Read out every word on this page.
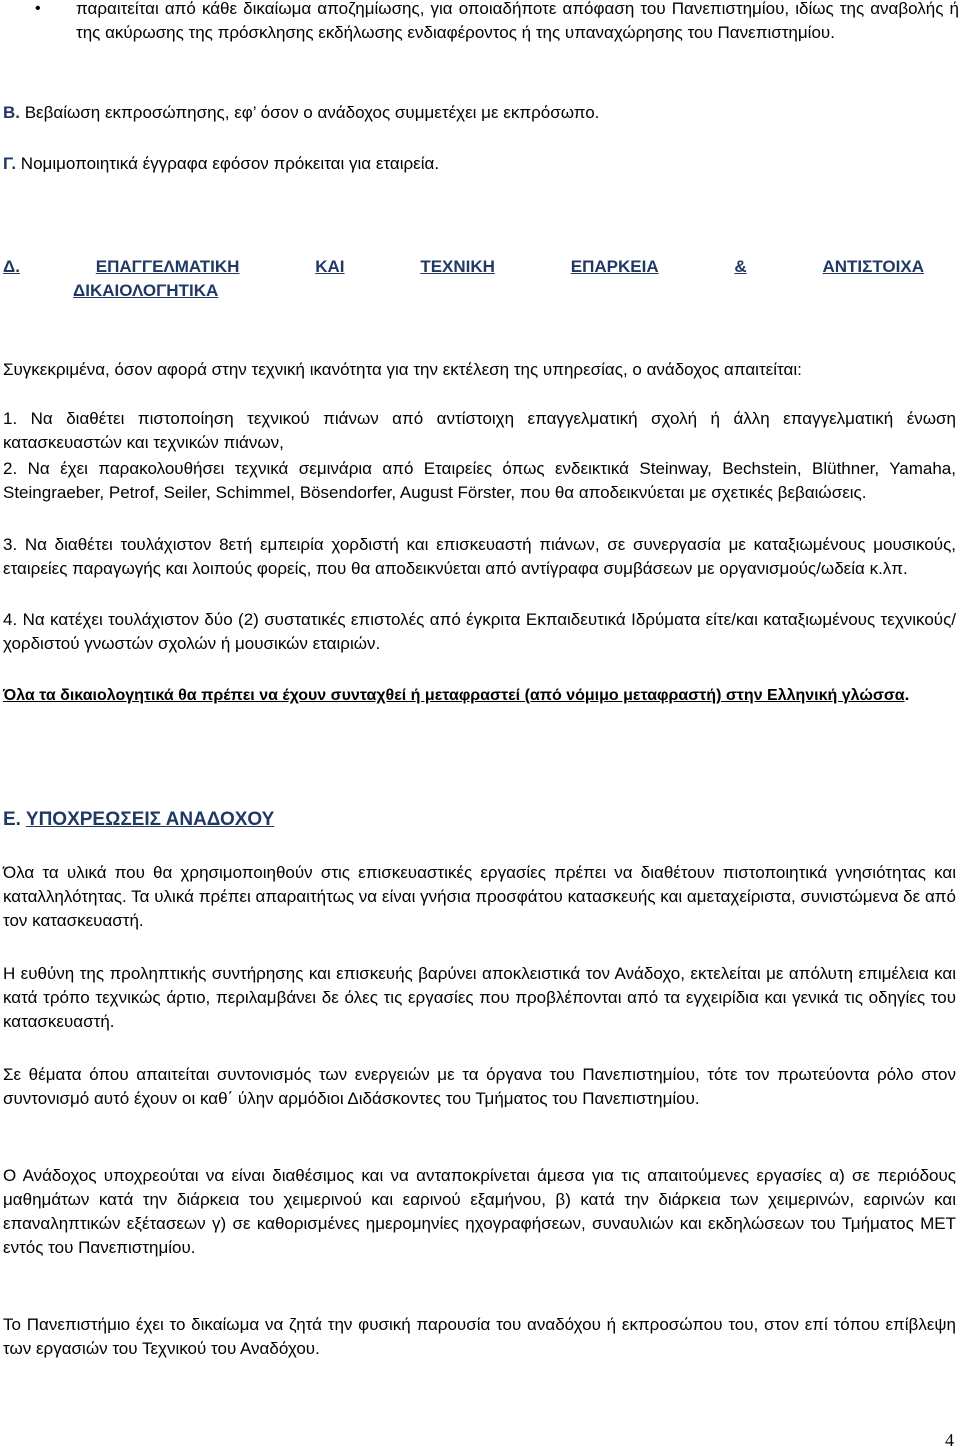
• παραιτείται από κάθε δικαίωμα αποζημίωσης, για οποιαδήποτε απόφαση του Πανεπιστημίου, ιδίως της αναβολής ή της ακύρωσης της πρόσκλησης εκδήλωσης ενδιαφέροντος ή της υπαναχώρησης του Πανεπιστημίου.

Β. Βεβαίωση εκπροσώπησης, εφ’ όσον ο ανάδοχος συμμετέχει με εκπρόσωπο.

Γ. Νομιμοποιητικά έγγραφα εφόσον πρόκειται για εταιρεία.

Δ.	ΕΠΑΓΓΕΛΜΑΤΙΚΗ	ΚΑΙ	ΤΕΧΝΙΚΗ	ΕΠΑΡΚΕΙΑ	&	ΑΝΤΙΣΤΟΙΧΑ
ΔΙΚΑΙΟΛΟΓΗΤΙΚΑ

Συγκεκριμένα, όσον αφορά στην τεχνική ικανότητα για την εκτέλεση της υπηρεσίας, ο ανάδοχος απαιτείται:

1. Να διαθέτει πιστοποίηση τεχνικού πιάνων από αντίστοιχη επαγγελματική σχολή ή άλλη επαγγελματική ένωση κατασκευαστών και τεχνικών πιάνων,

2. Να έχει παρακολουθήσει τεχνικά σεμινάρια από Εταιρείες όπως ενδεικτικά Steinway, Bechstein, Blüthner, Yamaha, Steingraeber, Petrof, Seiler, Schimmel, Bösendorfer, August Förster, που θα αποδεικνύεται με σχετικές βεβαιώσεις.

3. Να διαθέτει τουλάχιστον 8ετή εμπειρία χορδιστή και επισκευαστή πιάνων, σε συνεργασία με καταξιωμένους μουσικούς, εταιρείες παραγωγής και λοιπούς φορείς, που θα αποδεικνύεται από αντίγραφα συμβάσεων με οργανισμούς/ωδεία κ.λπ.

4. Να κατέχει τουλάχιστον δύο (2) συστατικές επιστολές από έγκριτα Εκπαιδευτικά Ιδρύματα είτε/και καταξιωμένους τεχνικούς/χορδιστού γνωστών σχολών ή μουσικών εταιριών.

Όλα τα δικαιολογητικά θα πρέπει να έχουν συνταχθεί ή μεταφραστεί (από νόμιμο μεταφραστή) στην Ελληνική γλώσσα.

Ε. ΥΠΟΧΡΕΩΣΕΙΣ ΑΝΑΔΟΧΟΥ

Όλα τα υλικά που θα χρησιμοποιηθούν στις επισκευαστικές εργασίες πρέπει να διαθέτουν πιστοποιητικά γνησιότητας και καταλληλότητας. Τα υλικά πρέπει απαραιτήτως να είναι γνήσια προσφάτου κατασκευής και αμεταχείριστα, συνιστώμενα δε από τον κατασκευαστή.

Η ευθύνη της προληπτικής συντήρησης και επισκευής βαρύνει αποκλειστικά τον Ανάδοχο, εκτελείται με απόλυτη επιμέλεια και κατά τρόπο τεχνικώς άρτιο, περιλαμβάνει δε όλες τις εργασίες που προβλέπονται από τα εγχειρίδια και γενικά τις οδηγίες του κατασκευαστή.

Σε θέματα όπου απαιτείται συντονισμός των ενεργειών με τα όργανα του Πανεπιστημίου, τότε τον πρωτεύοντα ρόλο στον συντονισμό αυτό έχουν οι καθ΄ ύλην αρμόδιοι Διδάσκοντες του Τμήματος του Πανεπιστημίου.

Ο Ανάδοχος υποχρεούται να είναι διαθέσιμος και να ανταποκρίνεται άμεσα για τις απαιτούμενες εργασίες α) σε περιόδους μαθημάτων κατά την διάρκεια του χειμερινού και εαρινού εξαμήνου, β) κατά την διάρκεια των χειμερινών, εαρινών και επαναληπτικών εξέτασεων γ) σε καθορισμένες ημερομηνίες ηχογραφήσεων, συναυλιών και εκδηλώσεων του Τμήματος ΜΕΤ εντός του Πανεπιστημίου.

Το Πανεπιστήμιο έχει το δικαίωμα να ζητά την φυσική παρουσία του αναδόχου ή εκπροσώπου του, στον επί τόπου επίβλεψη των εργασιών του Τεχνικού του Αναδόχου.

4
